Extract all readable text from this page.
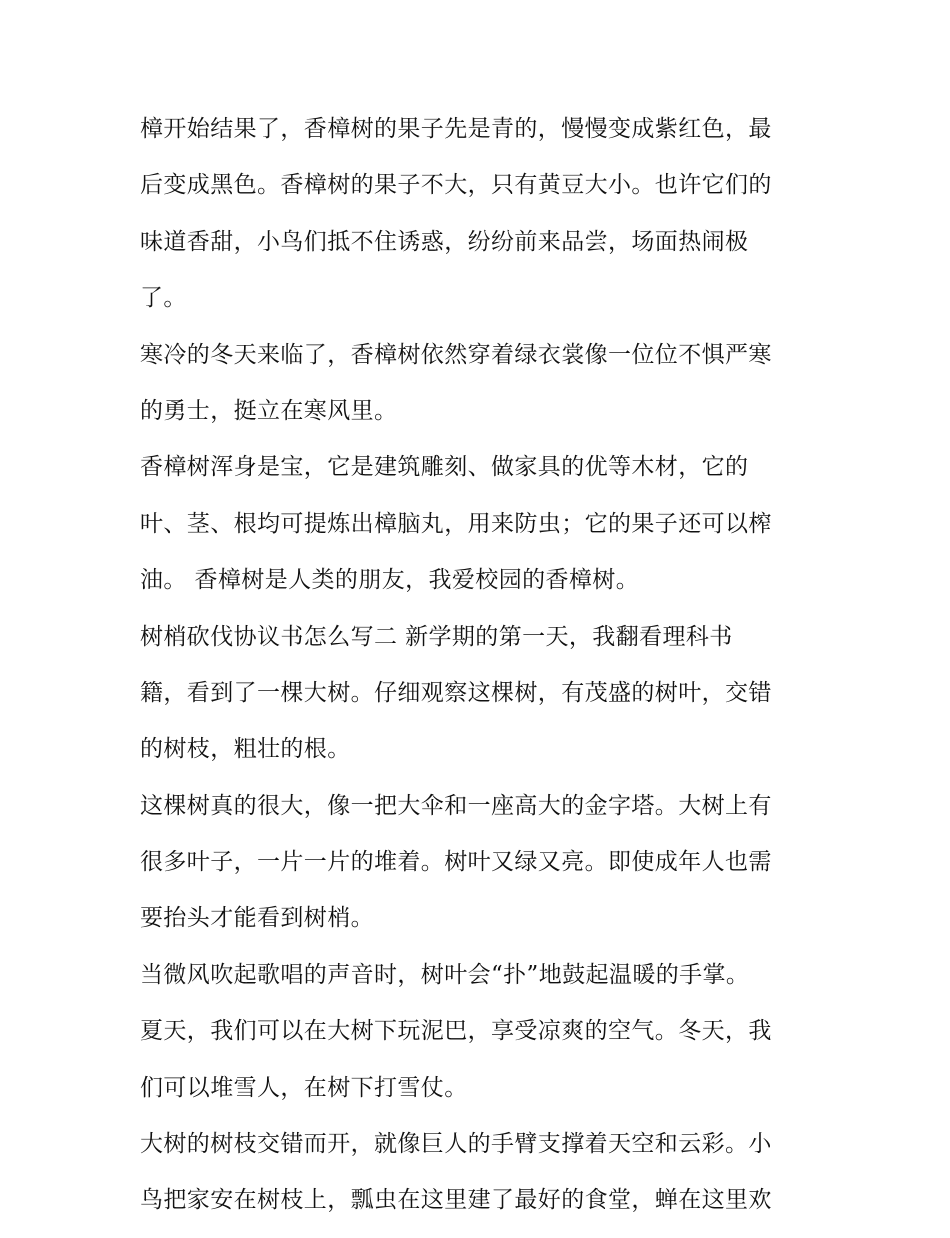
樟开始结果了，香樟树的果子先是青的，慢慢变成紫红色，最
后变成黑色。香樟树的果子不大，只有黄豆大小。也许它们的
味道香甜，小鸟们抵不住诱惑，纷纷前来品尝，场面热闹极
了。
寒冷的冬天来临了，香樟树依然穿着绿衣裳像一位位不惧严寒
的勇士，挺立在寒风里。
香樟树浑身是宝，它是建筑雕刻、做家具的优等木材，它的
叶、茎、根均可提炼出樟脑丸，用来防虫；它的果子还可以榨
油。 香樟树是人类的朋友，我爱校园的香樟树。
树梢砍伐协议书怎么写二 新学期的第一天，我翻看理科书
籍，看到了一棵大树。仔细观察这棵树，有茂盛的树叶，交错
的树枝，粗壮的根。
这棵树真的很大，像一把大伞和一座高大的金字塔。大树上有
很多叶子，一片一片的堆着。树叶又绿又亮。即使成年人也需
要抬头才能看到树梢。
当微风吹起歌唱的声音时，树叶会“扑”地鼓起温暖的手掌。
夏天，我们可以在大树下玩泥巴，享受凉爽的空气。冬天，我
们可以堆雪人，在树下打雪仗。
大树的树枝交错而开，就像巨人的手臂支撑着天空和云彩。小
鸟把家安在树枝上，瓢虫在这里建了最好的食堂，蝉在这里欢
